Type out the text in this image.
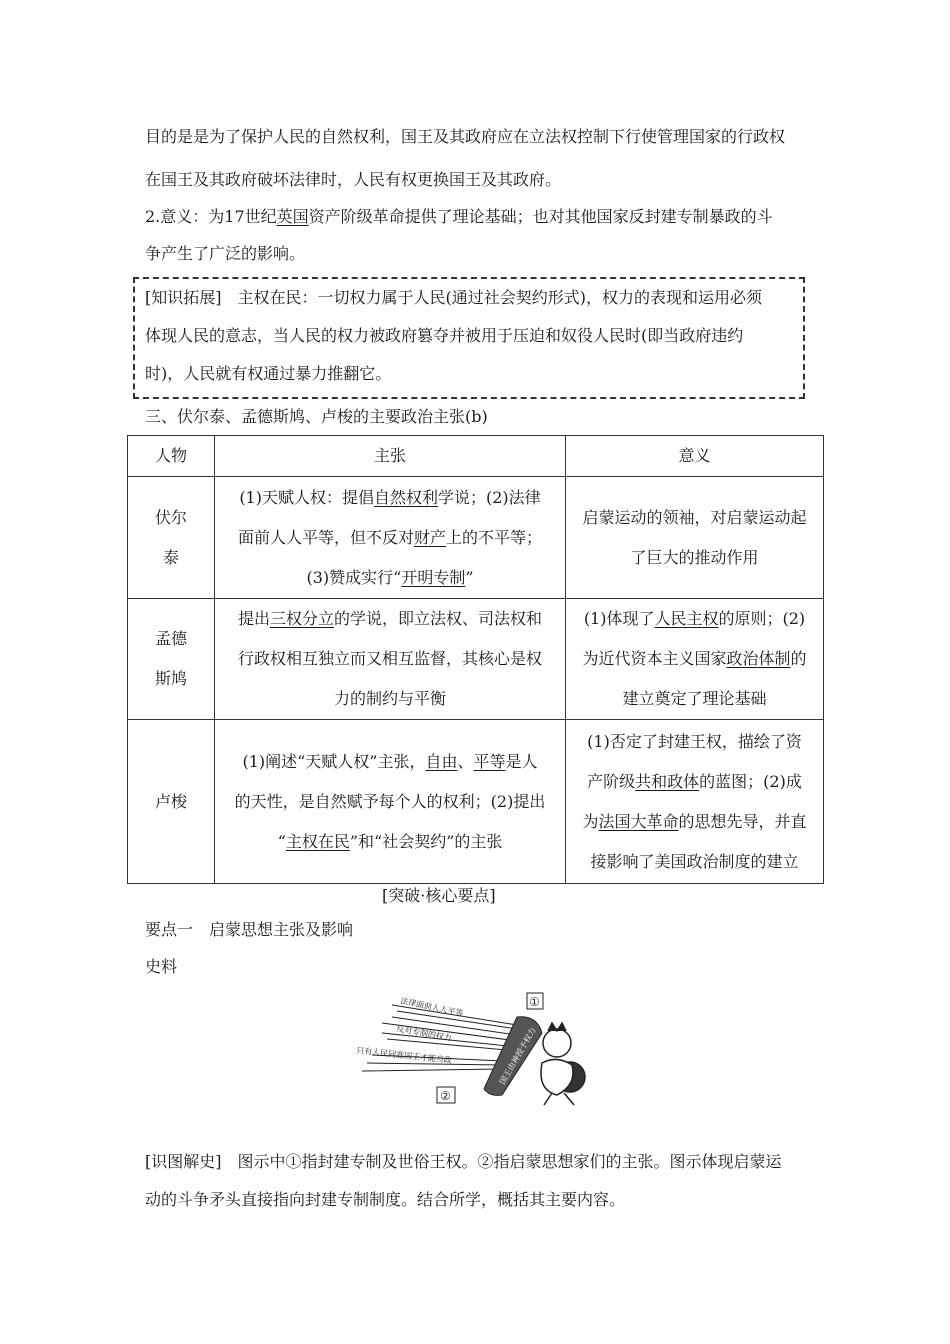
目的是是为了保护人民的自然权利，国王及其政府应在立法权控制下行使管理国家的行政权
在国王及其政府破坏法律时，人民有权更换国王及其政府。
2.意义：为17世纪英国资产阶级革命提供了理论基础；也对其他国家反封建专制暴政的斗
争产生了广泛的影响。
[知识拓展]　主权在民：一切权力属于人民(通过社会契约形式)，权力的表现和运用必须
体现人民的意志，当人民的权力被政府篡夺并被用于压迫和奴役人民时(即当政府违约
时)，人民就有权通过暴力推翻它。
三、伏尔泰、孟德斯鸠、卢梭的主要政治主张(b)
人物	主张	意义

伏尔
泰	(1)天赋人权：提倡自然权利学说；(2)法律
面前人人平等，但不反对财产上的不平等；
(3)赞成实行“开明专制”	启蒙运动的领袖，对启蒙运动起
了巨大的推动作用

孟德
斯鸠	提出三权分立的学说，即立法权、司法权和
行政权相互独立而又相互监督，其核心是权
力的制约与平衡	(1)体现了人民主权的原则；(2)
为近代资本主义国家政治体制的
建立奠定了理论基础

卢梭	(1)阐述“天赋人权”主张，自由、平等是人
的天性，是自然赋予每个人的权利；(2)提出
“主权在民”和“社会契约”的主张	(1)否定了封建王权，描绘了资
产阶级共和政体的蓝图；(2)成
为法国大革命的思想先导，并直
接影响了美国政治制度的建立
[突破·核心要点]
要点一　启蒙思想主张及影响
史料
法律面前人人平等
反对专制的权力
只有人民同意国王才能当政
①
②
国王由神授予权力
[识图解史]　图示中①指封建专制及世俗王权。②指启蒙思想家们的主张。图示体现启蒙运
动的斗争矛头直接指向封建专制制度。结合所学，概括其主要内容。
